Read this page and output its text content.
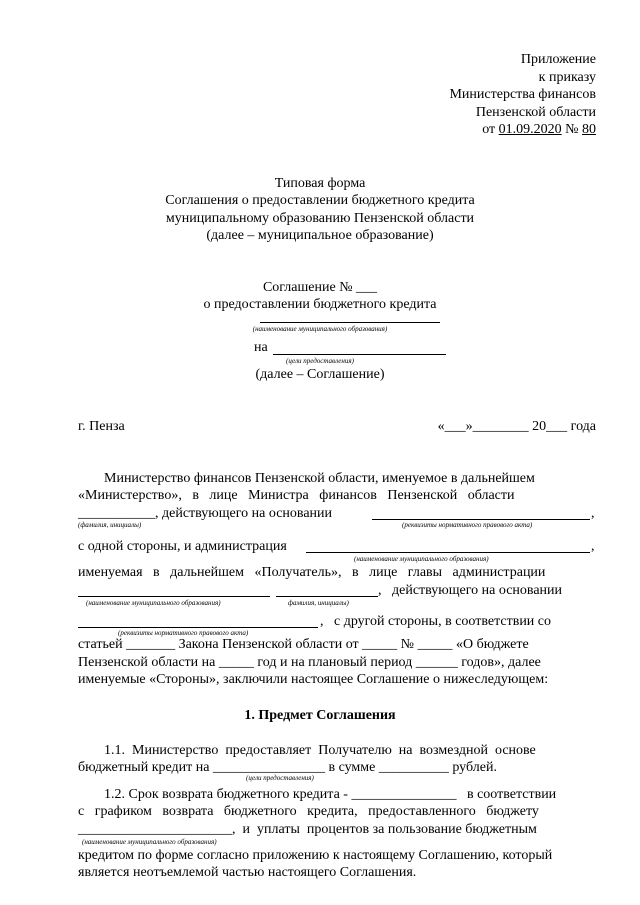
Приложение
к приказу
Министерства финансов
Пензенской области
от 01.09.2020 № 80
Типовая форма
Соглашения о предоставлении бюджетного кредита
муниципальному образованию Пензенской области
(далее – муниципальное образование)
Соглашение № ___
о предоставлении бюджетного кредита
(наименование муниципального образования)
на
(цели предоставления)
(далее – Соглашение)
г. Пенза	«___»________ 20___ года
Министерство финансов Пензенской области, именуемое в дальнейшем
«Министерство»,   в   лице   Министра   финансов   Пензенской   области
___________, действующего на основании	,
(фамилия, инициалы)	(реквизиты нормативного правового акта)
с одной стороны, и администрация	,
(наименование муниципального образования)
именуемая   в   дальнейшем   «Получатель»,   в   лице   главы   администрации
,   действующего на основании
(наименование муниципального образования)	фамилия, инициалы)
,   с другой стороны, в соответствии со
(реквизиты нормативного правового акта)
статьей _______ Закона Пензенской области от _____ № _____ «О бюджете
Пензенской области на _____ год и на плановый период ______ годов», далее
именуемые «Стороны», заключили настоящее Соглашение о нижеследующем:
1. Предмет Соглашения
1.1.  Министерство  предоставляет  Получателю  на  возмездной  основе
бюджетный кредит на ________________ в сумме __________ рублей.
(цели предоставления)
1.2. Срок возврата бюджетного кредита - _______________   в соответствии
с   графиком   возврата   бюджетного   кредита,   предоставленного   бюджету
______________________,  и  уплаты  процентов за пользование бюджетным
(наименование муниципального образования)
кредитом по форме согласно приложению к настоящему Соглашению, который
является неотъемлемой частью настоящего Соглашения.
